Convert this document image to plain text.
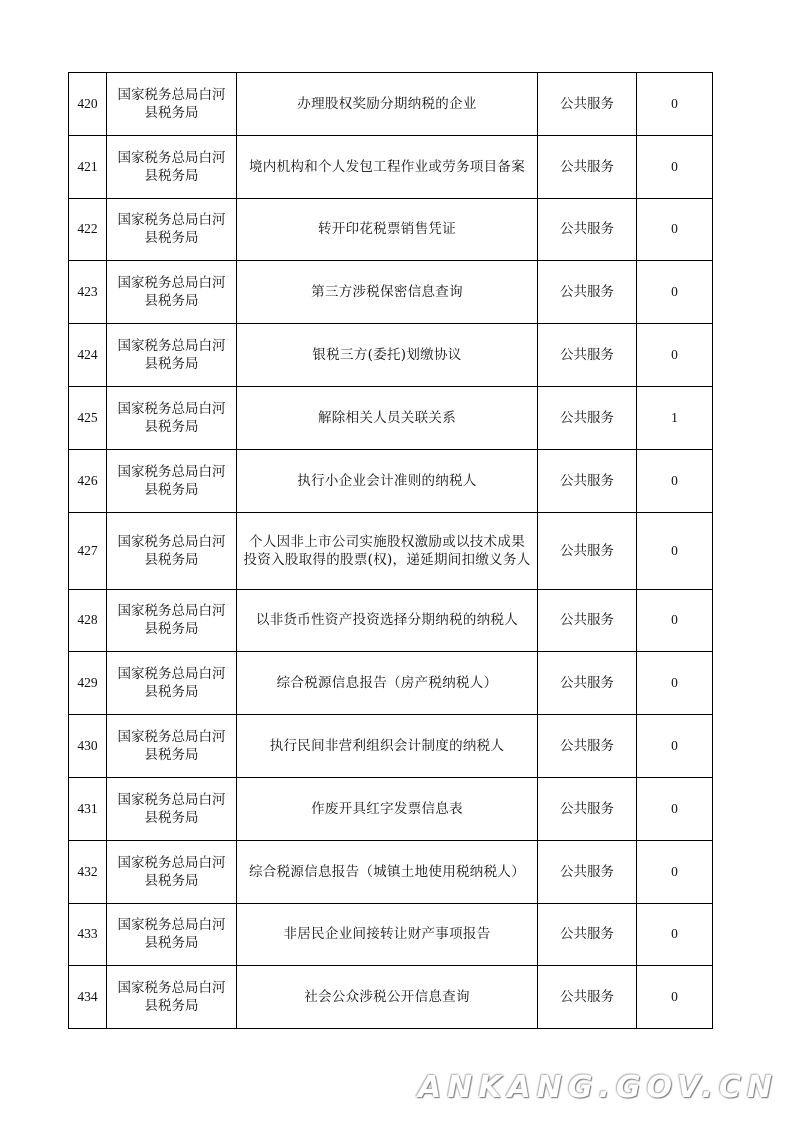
420	国家税务总局白河县税务局	办理股权奖励分期纳税的企业	公共服务	0
421	国家税务总局白河县税务局	境内机构和个人发包工程作业或劳务项目备案	公共服务	0
422	国家税务总局白河县税务局	转开印花税票销售凭证	公共服务	0
423	国家税务总局白河县税务局	第三方涉税保密信息查询	公共服务	0
424	国家税务总局白河县税务局	银税三方(委托)划缴协议	公共服务	0
425	国家税务总局白河县税务局	解除相关人员关联关系	公共服务	1
426	国家税务总局白河县税务局	执行小企业会计准则的纳税人	公共服务	0
427	国家税务总局白河县税务局	个人因非上市公司实施股权激励或以技术成果投资入股取得的股票(权)，递延期间扣缴义务人	公共服务	0
428	国家税务总局白河县税务局	以非货币性资产投资选择分期纳税的纳税人	公共服务	0
429	国家税务总局白河县税务局	综合税源信息报告（房产税纳税人）	公共服务	0
430	国家税务总局白河县税务局	执行民间非营利组织会计制度的纳税人	公共服务	0
431	国家税务总局白河县税务局	作废开具红字发票信息表	公共服务	0
432	国家税务总局白河县税务局	综合税源信息报告（城镇土地使用税纳税人）	公共服务	0
433	国家税务总局白河县税务局	非居民企业间接转让财产事项报告	公共服务	0
434	国家税务总局白河县税务局	社会公众涉税公开信息查询	公共服务	0
ANKANG.GOV.CN
